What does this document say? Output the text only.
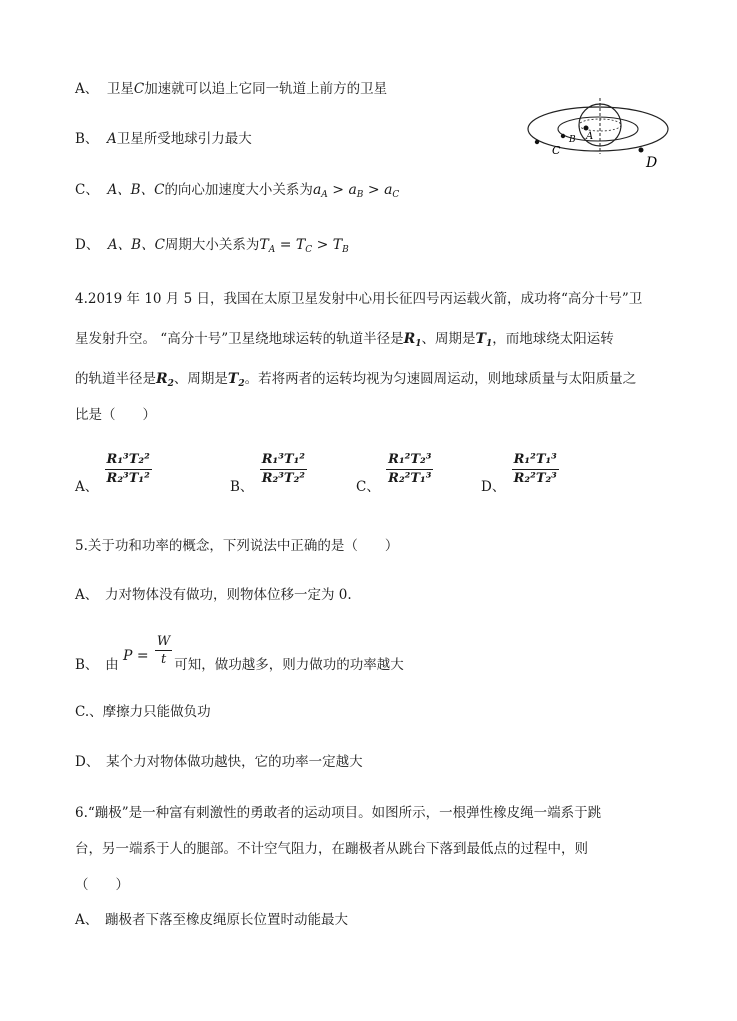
A、 卫星C加速就可以追上它同一轨道上前方的卫星
B、 A卫星所受地球引力最大
C、 A、B、C的向心加速度大小关系为$a_A > a_B > a_C$
D、 A、B、C周期大小关系为$T_A = T_C > T_B$
C
B A
D
4.2019 年 10 月 5 日，我国在太原卫星发射中心用长征四号丙运载火箭，成功将“高分十号”卫
星发射升空。 “高分十号”卫星绕地球运转的轨道半径是$R_1$、周期是$T_1$，而地球绕太阳运转
的轨道半径是$R_2$、周期是$T_2$。若将两者的运转均视为匀速圆周运动，则地球质量与太阳质量之
比是（　　）
A、
$\frac{\text{R₁³T₂²}}{\text{R₂³T₁²}}$
B、
$\frac{\text{R₁³T₁²}}{\text{R₂³T₂²}}$
C、
$\frac{\text{R₁²T₂³}}{\text{R₂²T₁³}}$
D、
$\frac{\text{R₁²T₁³}}{\text{R₂²T₂³}}$
5.关于功和功率的概念，下列说法中正确的是（　　）
A、　力对物体没有做功，则物体位移一定为 0.
B、　由 $P = \frac{W}{t}$ 可知，做功越多，则力做功的功率越大
C.、摩擦力只能做负功
D、　某个力对物体做功越快，它的功率一定越大
6.“蹦极”是一种富有刺激性的勇敢者的运动项目。如图所示，一根弹性橡皮绳一端系于跳
台，另一端系于人的腿部。不计空气阻力，在蹦极者从跳台下落到最低点的过程中，则
（　　）
A、　蹦极者下落至橡皮绳原长位置时动能最大
